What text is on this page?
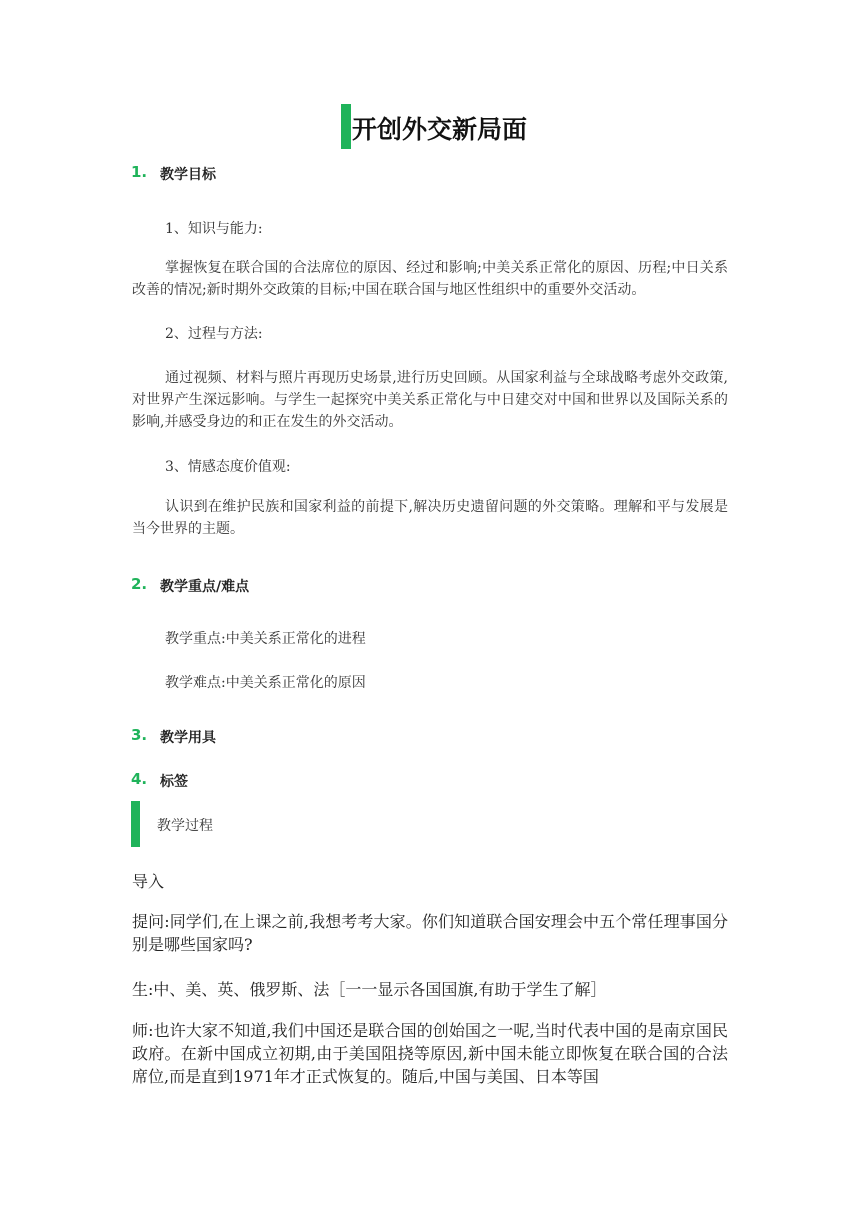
开创外交新局面
1. 教学目标
1、知识与能力:
掌握恢复在联合国的合法席位的原因、经过和影响;中美关系正常化的原因、历程;中日关系改善的情况;新时期外交政策的目标;中国在联合国与地区性组织中的重要外交活动。
2、过程与方法:
通过视频、材料与照片再现历史场景,进行历史回顾。从国家利益与全球战略考虑外交政策,对世界产生深远影响。与学生一起探究中美关系正常化与中日建交对中国和世界以及国际关系的影响,并感受身边的和正在发生的外交活动。
3、情感态度价值观:
认识到在维护民族和国家利益的前提下,解决历史遗留问题的外交策略。理解和平与发展是当今世界的主题。
2. 教学重点/难点
教学重点:中美关系正常化的进程
教学难点:中美关系正常化的原因
3. 教学用具
4. 标签
教学过程
导入
提问:同学们,在上课之前,我想考考大家。你们知道联合国安理会中五个常任理事国分别是哪些国家吗?
生:中、美、英、俄罗斯、法［一一显示各国国旗,有助于学生了解］
师:也许大家不知道,我们中国还是联合国的创始国之一呢,当时代表中国的是南京国民政府。在新中国成立初期,由于美国阻挠等原因,新中国未能立即恢复在联合国的合法席位,而是直到1971年才正式恢复的。随后,中国与美国、日本等国
